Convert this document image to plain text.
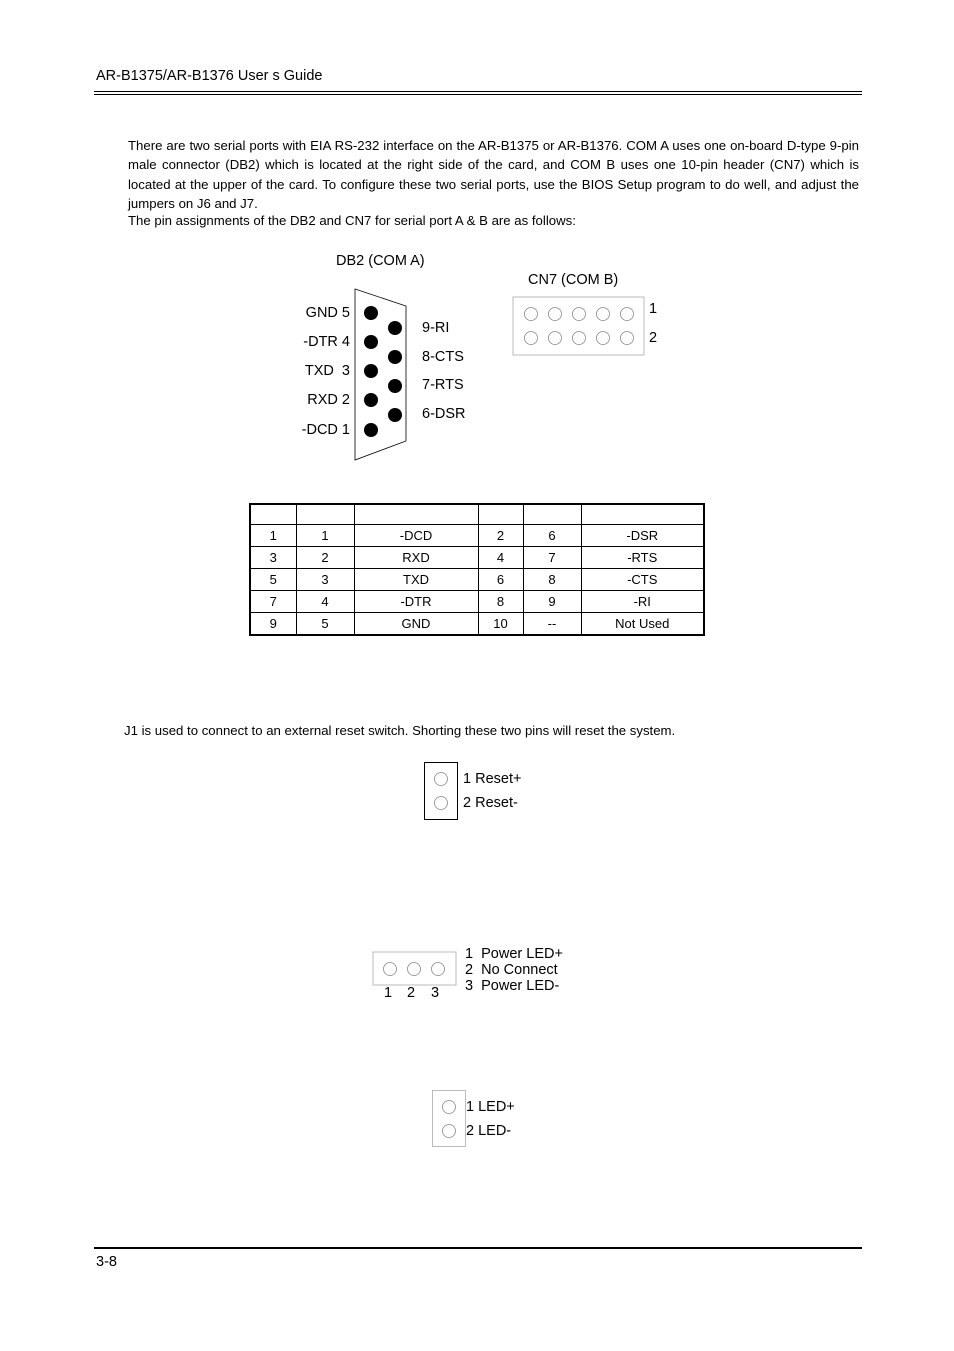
AR-B1375/AR-B1376 User s Guide

There are two serial ports with EIA RS-232 interface on the AR-B1375 or AR-B1376. COM A uses one on-board D-type 9-pin male connector (DB2) which is located at the right side of the card, and COM B uses one 10-pin header (CN7) which is located at the upper of the card. To configure these two serial ports, use the BIOS Setup program to do well, and adjust the jumpers on J6 and J7.

The pin assignments of the DB2 and CN7 for serial port A & B are as follows:
DB2 (COM A)
GND 5
-DTR 4
TXD  3
RXD 2
-DCD 1
9-RI
8-CTS
7-RTS
6-DSR
CN7 (COM B)
1
2

1	1	-DCD	2	6	-DSR
3	2	RXD	4	7	-RTS
5	3	TXD	6	8	-CTS
7	4	-DTR	8	9	-RI
9	5	GND	10	--	Not Used
J1 is used to connect to an external reset switch. Shorting these two pins will reset the system.
1 Reset+
2 Reset-
1 2 3
1  Power LED+
2  No Connect
3  Power LED-
1 LED+
2 LED-
3-8
